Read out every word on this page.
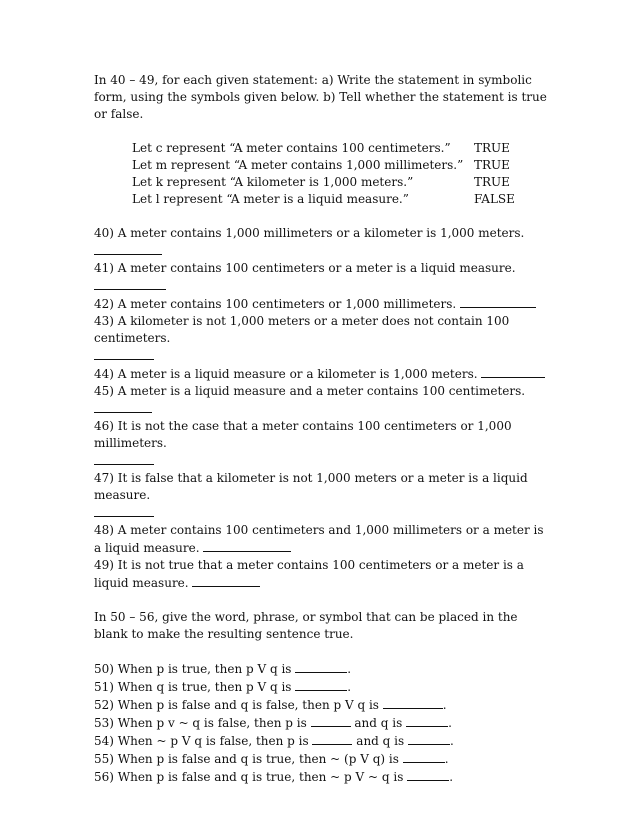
In 40 – 49, for each given statement: a) Write the statement in symbolic form, using the symbols given below. b) Tell whether the statement is true or false.

Let c represent “A meter contains 100 centimeters.” TRUE
Let m represent “A meter contains 1,000 millimeters.” TRUE
Let k represent “A kilometer is 1,000 meters.”	TRUE
Let l represent “A meter is a liquid measure.”	FALSE

40) A meter contains 1,000 millimeters or a kilometer is 1,000 meters.

41) A meter contains 100 centimeters or a meter is a liquid measure.

42) A meter contains 100 centimeters or 1,000 millimeters.

43) A kilometer is not 1,000 meters or a meter does not contain 100 centimeters.

44) A meter is a liquid measure or a kilometer is 1,000 meters.

45) A meter is a liquid measure and a meter contains 100 centimeters.

46) It is not the case that a meter contains 100 centimeters or 1,000 millimeters.

47) It is false that a kilometer is not 1,000 meters or a meter is a liquid measure.

48) A meter contains 100 centimeters and 1,000 millimeters or a meter is a liquid measure.

49) It is not true that a meter contains 100 centimeters or a meter is a liquid measure.

In 50 – 56, give the word, phrase, or symbol that can be placed in the blank to make the resulting sentence true.

50) When p is true, then p V q is	.

51) When q is true, then p V q is	.

52) When p is false and q is false, then p V q is	.

53) When p v ~ q is false, then p is	and q is	.

54) When ~ p V q is false, then p is	and q is	.

55) When p is false and q is true, then ~ (p V q) is	.

56) When p is false and q is true, then ~ p V ~ q is	.
